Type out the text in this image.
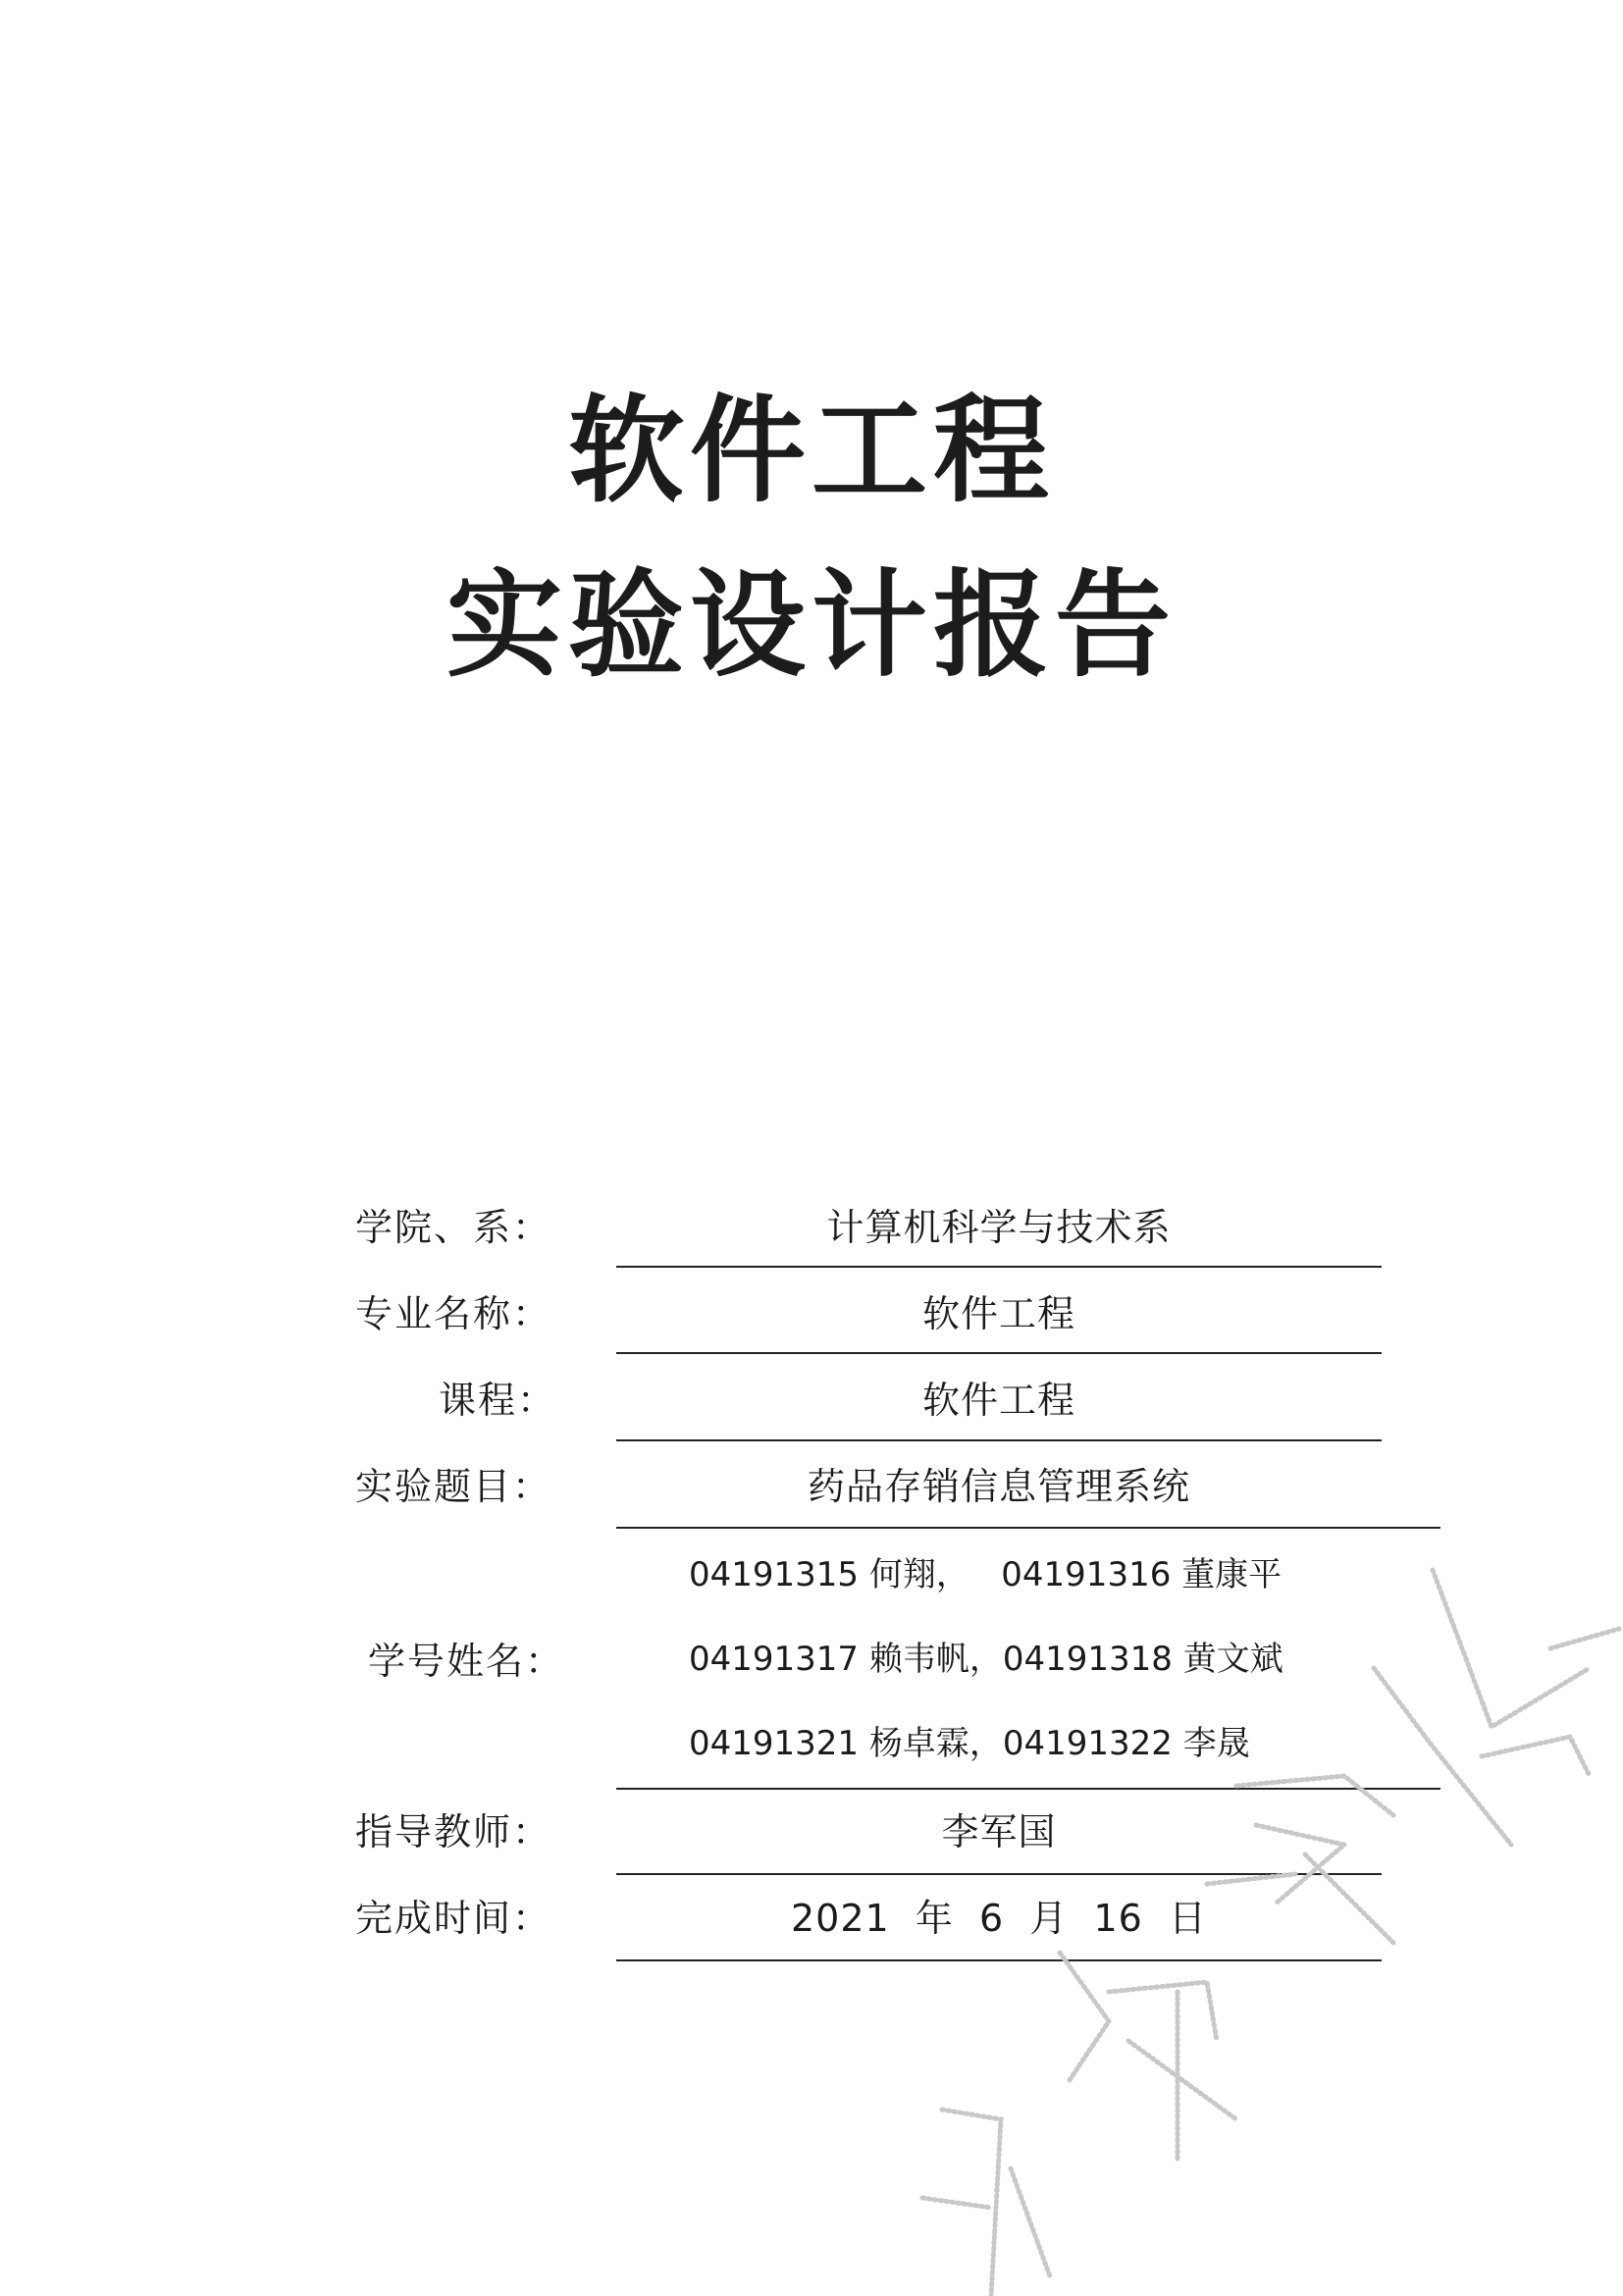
软件工程
实验设计报告
学院、系：	计算机科学与技术系
专业名称：	软件工程
课程：	软件工程
实验题目：	药品存销信息管理系统
学号姓名：
04191315 何翔，   04191316 董康平
04191317 赖韦帆，04191318 黄文斌
04191321 杨卓霖，04191322 李晟
指导教师：	李军国
完成时间：	2021  年  6  月  16  日
